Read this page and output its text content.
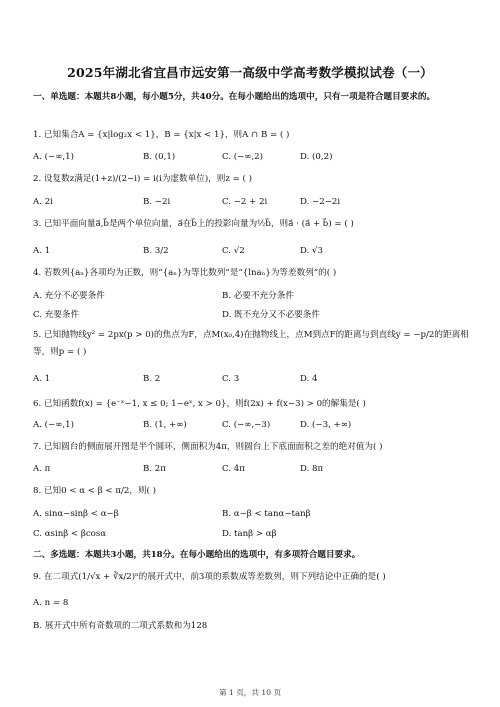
2025年湖北省宜昌市远安第一高级中学高考数学模拟试卷（一）
一、单选题：本题共8小题，每小题5分，共40分。在每小题给出的选项中，只有一项是符合题目要求的。
1. 已知集合A = {x|log₂x < 1}，B = {x|x < 1}，则A ∩ B = ( )
A. (−∞,1)	B. (0,1)	C. (−∞,2)	D. (0,2)
2. 设复数z满足(1+z)/(2−i) = i(i为虚数单位)，则z = ( )
A. 2i	B. −2i	C. −2 + 2i	D. −2−2i
3. 已知平面向量a⃗,b⃗是两个单位向量，a⃗在b⃗上的投影向量为½b⃗，则a⃗ · (a⃗ + b⃗) = ( )
A. 1	B. 3/2	C. √2	D. √3
4. 若数列{aₙ}各项均为正数，则“{aₙ}为等比数列”是“{lnaₙ}为等差数列”的( )
A. 充分不必要条件	B. 必要不充分条件
C. 充要条件	D. 既不充分又不必要条件
5. 已知抛物线y² = 2px(p > 0)的焦点为F，点M(x₀,4)在抛物线上，点M到点F的距离与到直线y = −p/2的距离相等，则p = ( )
A. 1	B. 2	C. 3	D. 4
6. 已知函数f(x) = {e⁻ˣ−1, x ≤ 0; 1−eˣ, x > 0}，则f(2x) + f(x−3) > 0的解集是( )
A. (−∞,1)	B. (1, +∞)	C. (−∞,−3)	D. (−3, +∞)
7. 已知圆台的侧面展开图是半个圆环，侧面积为4π，则圆台上下底面面积之差的绝对值为( )
A. π	B. 2π	C. 4π	D. 8π
8. 已知0 < α < β < π/2，则( )
A. sinα−sinβ < α−β	B. α−β < tanα−tanβ
C. αsinβ < βcosα	D. tanβ > αβ
二、多选题：本题共3小题，共18分。在每小题给出的选项中，有多项符合题目要求。
9. 在二项式(1/√x + ∛x/2)ⁿ的展开式中，前3项的系数成等差数列，则下列结论中正确的是( )
A. n = 8
B. 展开式中所有奇数项的二项式系数和为128
第 1 页，共 10 页
